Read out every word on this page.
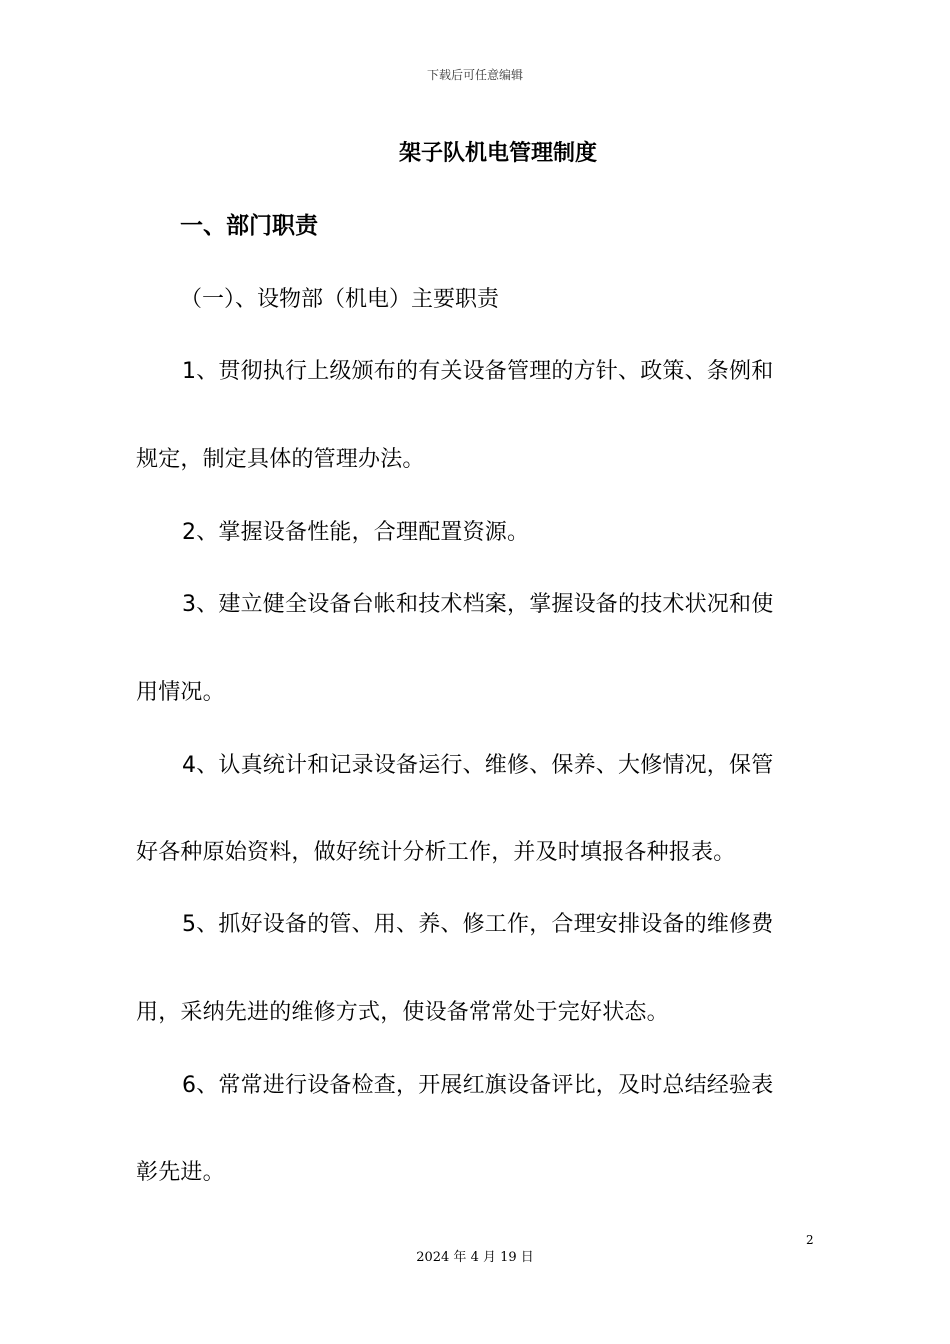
下载后可任意编辑
架子队机电管理制度
一、部门职责
（一）、设物部（机电）主要职责
1、贯彻执行上级颁布的有关设备管理的方针、政策、条例和
规定，制定具体的管理办法。
2、掌握设备性能，合理配置资源。
3、建立健全设备台帐和技术档案，掌握设备的技术状况和使
用情况。
4、认真统计和记录设备运行、维修、保养、大修情况，保管
好各种原始资料，做好统计分析工作，并及时填报各种报表。
5、抓好设备的管、用、养、修工作，合理安排设备的维修费
用，采纳先进的维修方式，使设备常常处于完好状态。
6、常常进行设备检查，开展红旗设备评比，及时总结经验表
彰先进。
2
2024 年 4 月 19 日
